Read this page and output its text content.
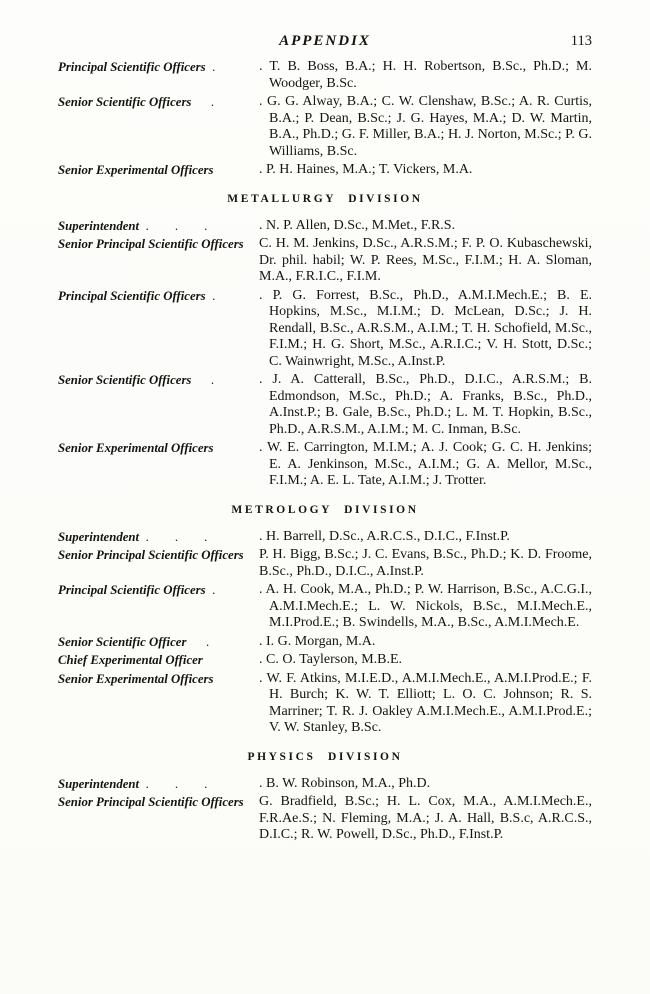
APPENDIX	113
Principal Scientific Officers .	. T. B. Boss, B.A.; H. H. Robertson, B.Sc., Ph.D.; M. Woodger, B.Sc.
Senior Scientific Officers  .	. G. G. Alway, B.A.; C. W. Clenshaw, B.Sc.; A. R. Curtis, B.A.; P. Dean, B.Sc.; J. G. Hayes, M.A.; D. W. Martin, B.A., Ph.D.; G. F. Miller, B.A.; H. J. Norton, M.Sc.; P. G. Williams, B.Sc.
Senior Experimental Officers	. P. H. Haines, M.A.; T. Vickers, M.A.
METALLURGY DIVISION
Superintendent .  .  .	. N. P. Allen, D.Sc., M.Met., F.R.S.
Senior Principal Scientific Officers	C. H. M. Jenkins, D.Sc., A.R.S.M.; F. P. O. Kubaschewski, Dr. phil. habil; W. P. Rees, M.Sc., F.I.M.; H. A. Sloman, M.A., F.R.I.C., F.I.M.
Principal Scientific Officers .	. P. G. Forrest, B.Sc., Ph.D., A.M.I.Mech.E.; B. E. Hopkins, M.Sc., M.I.M.; D. McLean, D.Sc.; J. H. Rendall, B.Sc., A.R.S.M., A.I.M.; T. H. Schofield, M.Sc., F.I.M.; H. G. Short, M.Sc., A.R.I.C.; V. H. Stott, D.Sc.; C. Wainwright, M.Sc., A.Inst.P.
Senior Scientific Officers  .	. J. A. Catterall, B.Sc., Ph.D., D.I.C., A.R.S.M.; B. Edmondson, M.Sc., Ph.D.; A. Franks, B.Sc., Ph.D., A.Inst.P.; B. Gale, B.Sc., Ph.D.; L. M. T. Hopkin, B.Sc., Ph.D., A.R.S.M., A.I.M.; M. C. Inman, B.Sc.
Senior Experimental Officers	. W. E. Carrington, M.I.M.; A. J. Cook; G. C. H. Jenkins; E. A. Jenkinson, M.Sc., A.I.M.; G. A. Mellor, M.Sc., F.I.M.; A. E. L. Tate, A.I.M.; J. Trotter.
METROLOGY DIVISION
Superintendent .  .  .	. H. Barrell, D.Sc., A.R.C.S., D.I.C., F.Inst.P.
Senior Principal Scientific Officers	P. H. Bigg, B.Sc.; J. C. Evans, B.Sc., Ph.D.; K. D. Froome, B.Sc., Ph.D., D.I.C., A.Inst.P.
Principal Scientific Officers .	. A. H. Cook, M.A., Ph.D.; P. W. Harrison, B.Sc., A.C.G.I., A.M.I.Mech.E.; L. W. Nickols, B.Sc., M.I.Mech.E., M.I.Prod.E.; B. Swindells, M.A., B.Sc., A.M.I.Mech.E.
Senior Scientific Officer  .	. I. G. Morgan, M.A.
Chief Experimental Officer	. C. O. Taylerson, M.B.E.
Senior Experimental Officers	. W. F. Atkins, M.I.E.D., A.M.I.Mech.E., A.M.I.Prod.E.; F. H. Burch; K. W. T. Elliott; L. O. C. Johnson; R. S. Marriner; T. R. J. Oakley A.M.I.Mech.E., A.M.I.Prod.E.; V. W. Stanley, B.Sc.
PHYSICS DIVISION
Superintendent .  .  .	. B. W. Robinson, M.A., Ph.D.
Senior Principal Scientific Officers	G. Bradfield, B.Sc.; H. L. Cox, M.A., A.M.I.Mech.E., F.R.Ae.S.; N. Fleming, M.A.; J. A. Hall, B.S.c, A.R.C.S., D.I.C.; R. W. Powell, D.Sc., Ph.D., F.Inst.P.
